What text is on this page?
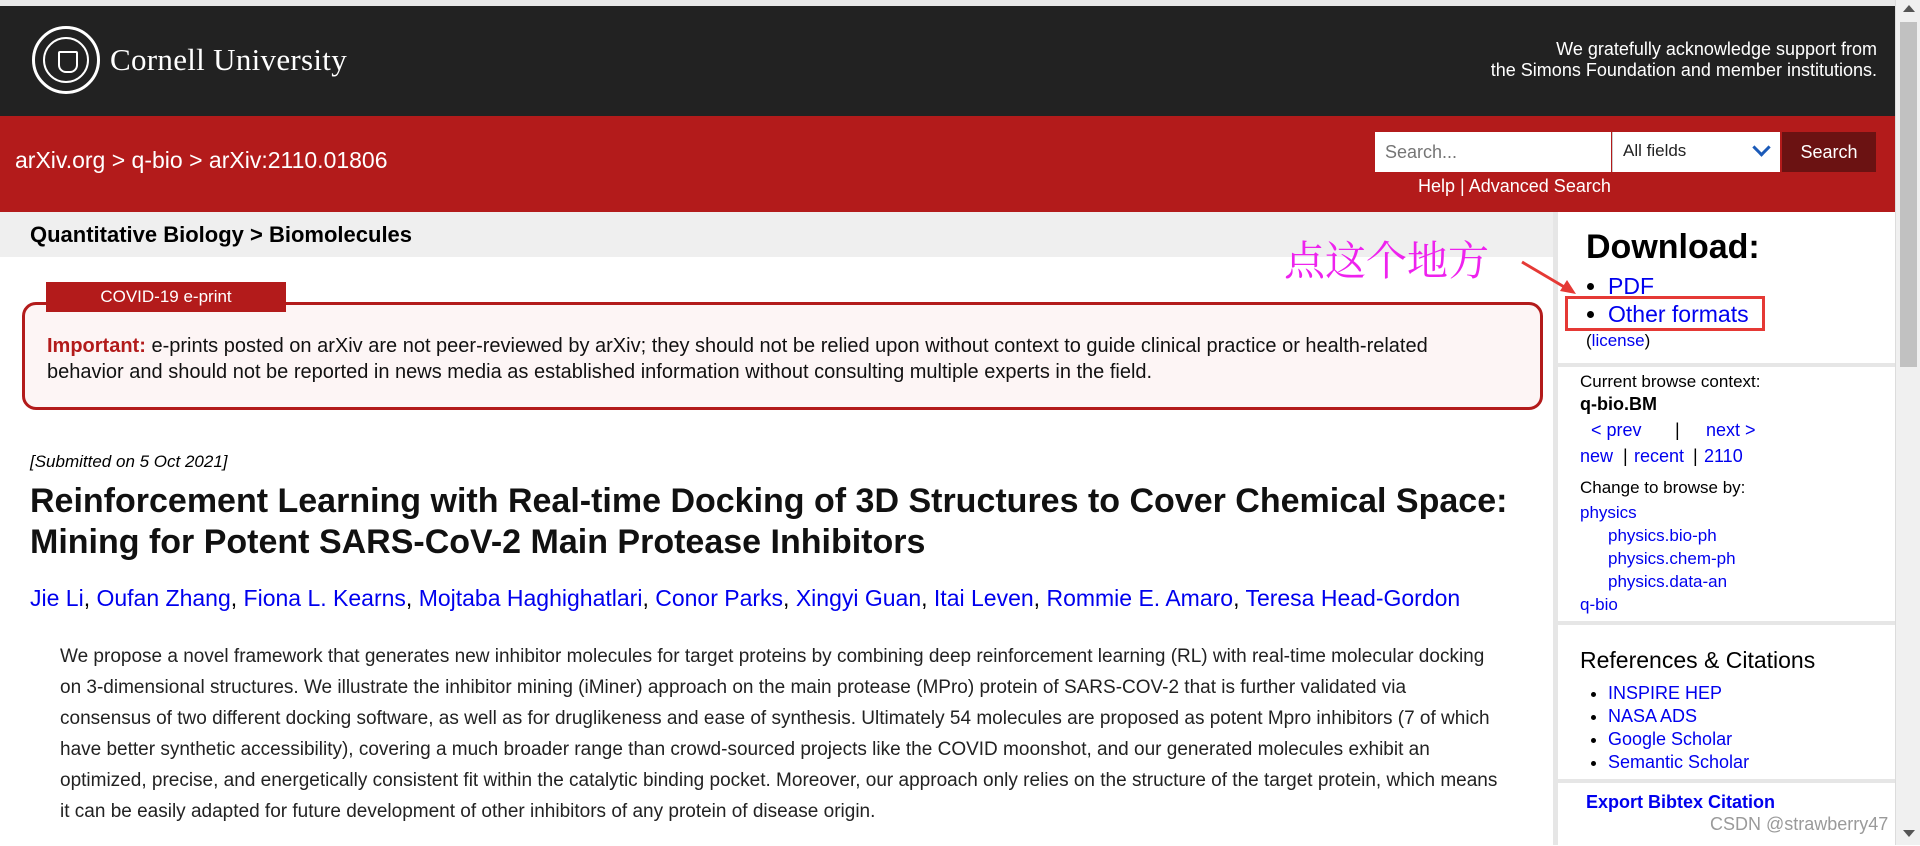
Cornell University	We gratefully acknowledge support from
the Simons Foundation and member institutions.
arXiv.org > q-bio > arXiv:2110.01806
Search...	All fields	Search
Help | Advanced Search
Quantitative Biology > Biomolecules
Important: e-prints posted on arXiv are not peer-reviewed by arXiv; they should not be relied upon without context to guide clinical practice or health-related behavior and should not be reported in news media as established information without consulting multiple experts in the field.
COVID-19 e-print
[Submitted on 5 Oct 2021]
Reinforcement Learning with Real-time Docking of 3D Structures to Cover Chemical Space: Mining for Potent SARS-CoV-2 Main Protease Inhibitors
Jie Li, Oufan Zhang, Fiona L. Kearns, Mojtaba Haghighatlari, Conor Parks, Xingyi Guan, Itai Leven, Rommie E. Amaro, Teresa Head-Gordon

We propose a novel framework that generates new inhibitor molecules for target proteins by combining deep reinforcement learning (RL) with real-time molecular docking on 3-dimensional structures. We illustrate the inhibitor mining (iMiner) approach on the main protease (MPro) protein of SARS-COV-2 that is further validated via consensus of two different docking software, as well as for druglikeness and ease of synthesis. Ultimately 54 molecules are proposed as potent Mpro inhibitors (7 of which have better synthetic accessibility), covering a much broader range than crowd-sourced projects like the COVID moonshot, and our generated molecules exhibit an optimized, precise, and energetically consistent fit within the catalytic binding pocket. Moreover, our approach only relies on the structure of the target protein, which means it can be easily adapted for future development of other inhibitors of any protein of disease origin.

Download:
• PDF
• Other formats
(license)
Current browse context:
q-bio.BM
< prev | next >
new | recent | 2110
Change to browse by:
physics
physics.bio-ph
physics.chem-ph
physics.data-an
q-bio
References & Citations
• INSPIRE HEP
• NASA ADS
• Google Scholar
• Semantic Scholar
Export Bibtex Citation
点这个地方
CSDN @strawberry47
